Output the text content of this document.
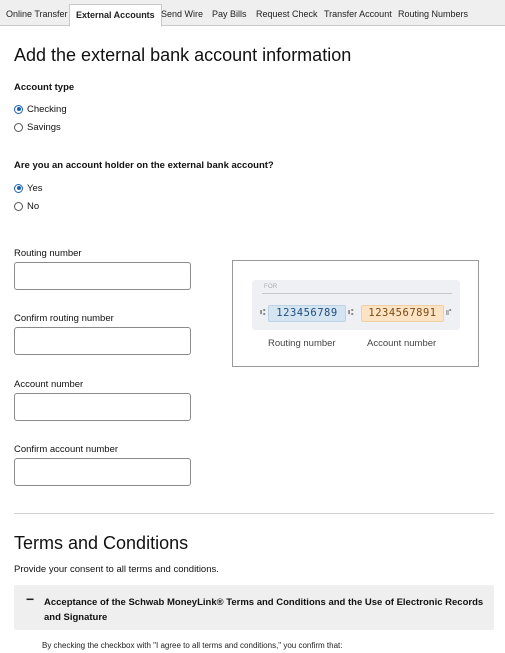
Online Transfer External Accounts Send Wire Pay Bills Request Check Transfer Account Routing Numbers
Add the external bank account information
Account type
Checking
Savings
Are you an account holder on the external bank account?
Yes
No
Routing number
Confirm routing number
Account number
Confirm account number
FOR
⑆	123456789	⑆	1234567891	⑈
Routing number	Account number
Terms and Conditions
Provide your consent to all terms and conditions.
− Acceptance of the Schwab MoneyLink® Terms and Conditions and the Use of Electronic Records and Signature
By checking the checkbox with "I agree to all terms and conditions," you confirm that:
